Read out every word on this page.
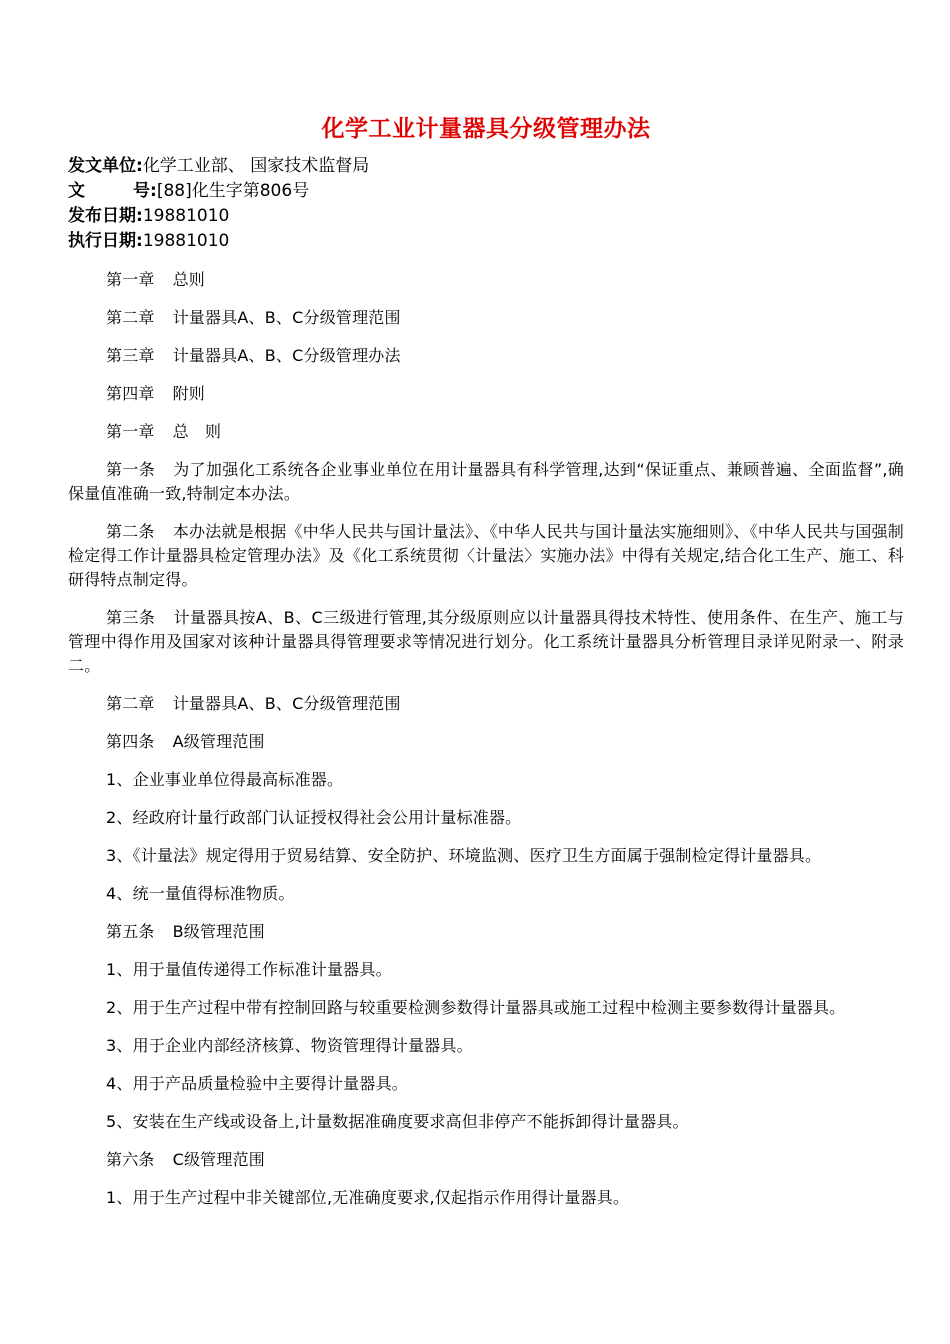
化学工业计量器具分级管理办法

发文单位:化学工业部、 国家技术监督局

文	号:[88]化生字第806号

发布日期:19881010

执行日期:19881010

第一章 总则

第二章 计量器具A、B、C分级管理范围

第三章 计量器具A、B、C分级管理办法

第四章 附则

第一章 总　则

第一条 为了加强化工系统各企业事业单位在用计量器具有科学管理,达到“保证重点、兼顾普遍、全面监督”,确保量值准确一致,特制定本办法。

第二条 本办法就是根据《中华人民共与国计量法》、《中华人民共与国计量法实施细则》、《中华人民共与国强制检定得工作计量器具检定管理办法》及《化工系统贯彻〈计量法〉实施办法》中得有关规定,结合化工生产、施工、科研得特点制定得。

第三条 计量器具按A、B、C三级进行管理,其分级原则应以计量器具得技术特性、使用条件、在生产、施工与管理中得作用及国家对该种计量器具得管理要求等情况进行划分。化工系统计量器具分析管理目录详见附录一、附录二。

第二章 计量器具A、B、C分级管理范围

第四条 A级管理范围

1、企业事业单位得最高标准器。

2、经政府计量行政部门认证授权得社会公用计量标准器。

3、《计量法》规定得用于贸易结算、安全防护、环境监测、医疗卫生方面属于强制检定得计量器具。

4、统一量值得标准物质。

第五条 B级管理范围

1、用于量值传递得工作标准计量器具。

2、用于生产过程中带有控制回路与较重要检测参数得计量器具或施工过程中检测主要参数得计量器具。

3、用于企业内部经济核算、物资管理得计量器具。

4、用于产品质量检验中主要得计量器具。

5、安装在生产线或设备上,计量数据准确度要求高但非停产不能拆卸得计量器具。

第六条 C级管理范围

1、用于生产过程中非关键部位,无准确度要求,仅起指示作用得计量器具。
